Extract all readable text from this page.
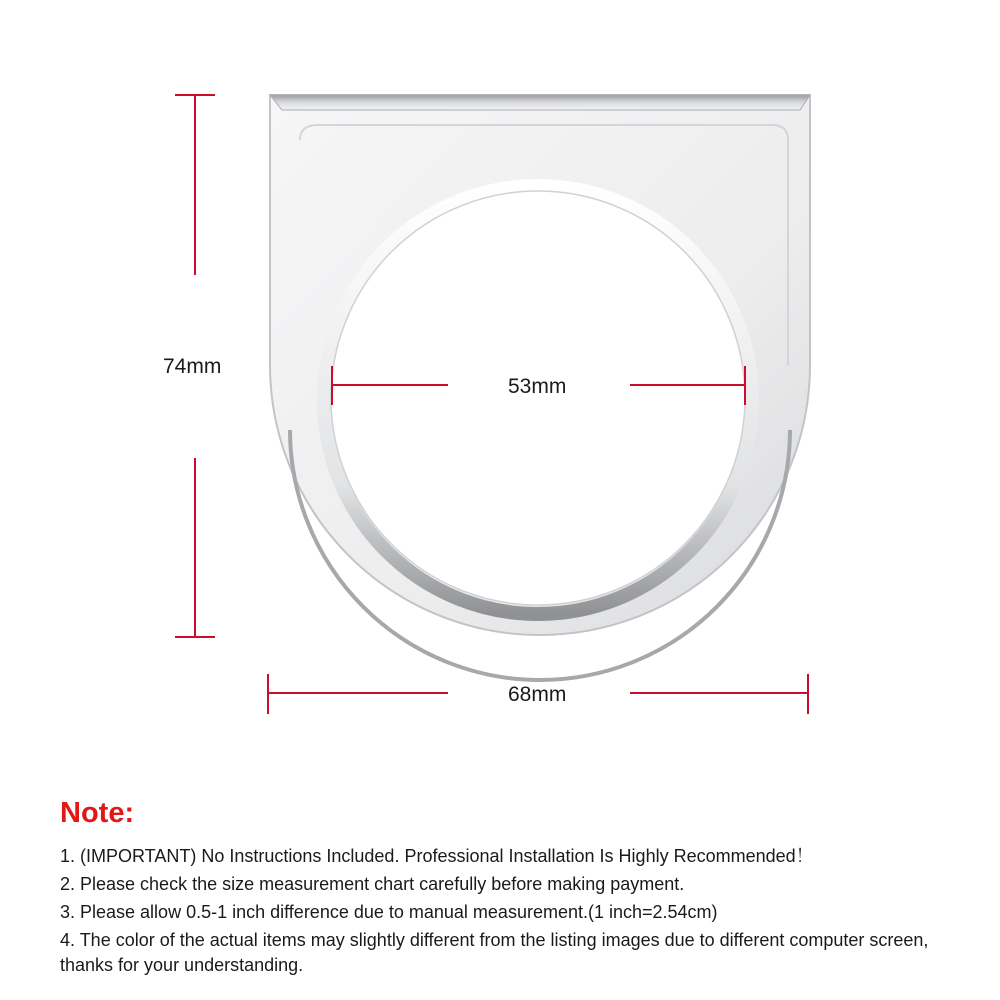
74mm
53mm
68mm
Note:
1. (IMPORTANT) No Instructions Included. Professional Installation Is Highly Recommended！
2. Please check the size measurement chart carefully before making payment.
3. Please allow 0.5-1 inch difference due to manual measurement.(1 inch=2.54cm)
4. The color of the actual items may slightly different from the listing images due to different computer screen, thanks for your understanding.
